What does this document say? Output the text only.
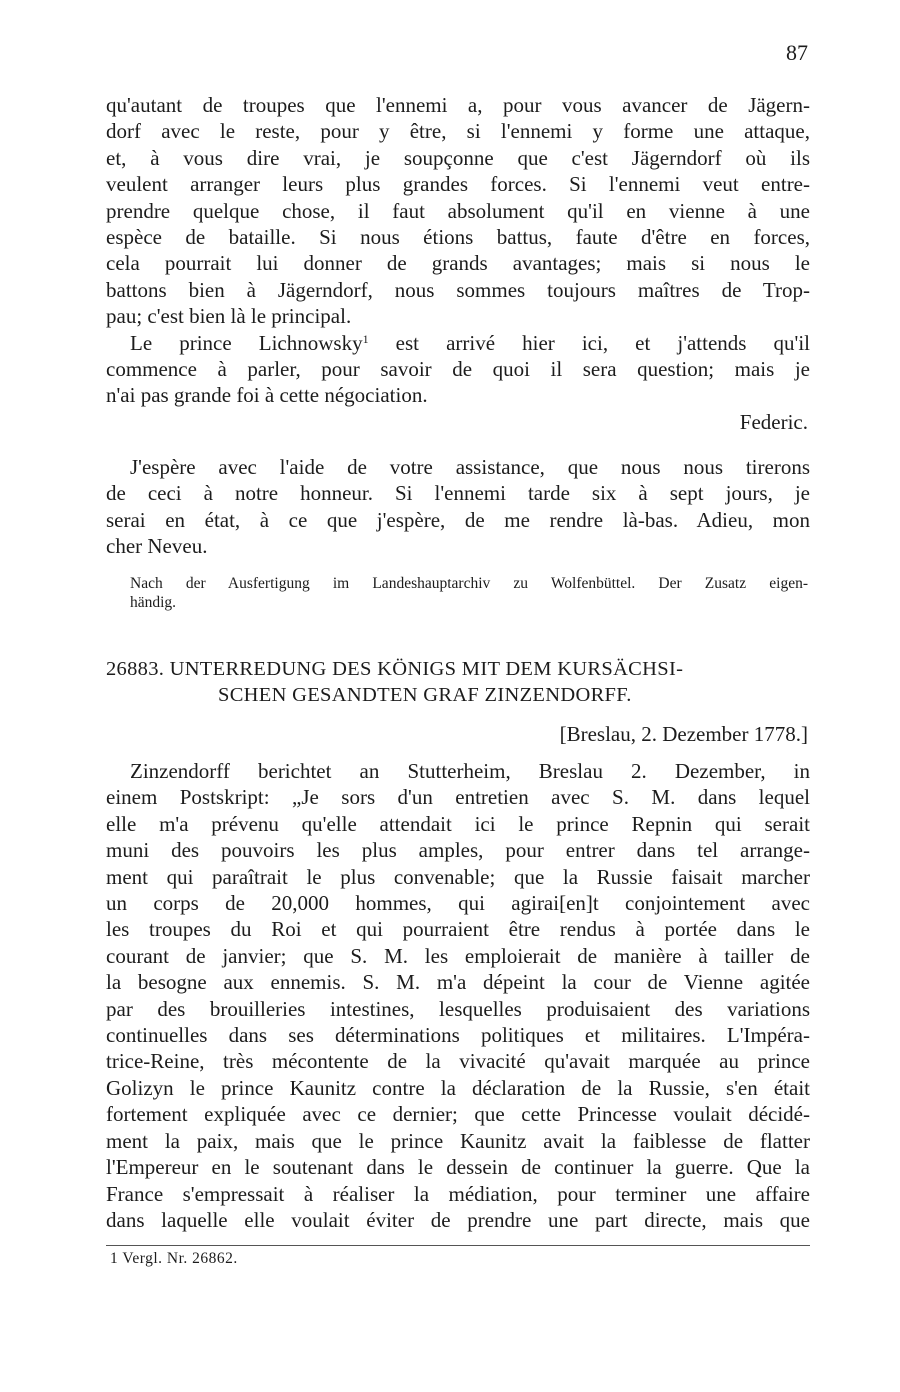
87
qu'autant de troupes que l'ennemi a, pour vous avancer de Jägern-
dorf avec le reste, pour y être, si l'ennemi y forme une attaque,
et, à vous dire vrai, je soupçonne que c'est Jägerndorf où ils
veulent arranger leurs plus grandes forces. Si l'ennemi veut entre-
prendre quelque chose, il faut absolument qu'il en vienne à une
espèce de bataille. Si nous étions battus, faute d'être en forces,
cela pourrait lui donner de grands avantages; mais si nous le
battons bien à Jägerndorf, nous sommes toujours maîtres de Trop-
pau; c'est bien là le principal.
Le prince Lichnowsky$^1$ est arrivé hier ici, et j'attends qu'il
commence à parler, pour savoir de quoi il sera question; mais je
n'ai pas grande foi à cette négociation.
Federic.
J'espère avec l'aide de votre assistance, que nous nous tirerons
de ceci à notre honneur. Si l'ennemi tarde six à sept jours, je
serai en état, à ce que j'espère, de me rendre là-bas. Adieu, mon
cher Neveu.
Nach der Ausfertigung im Landeshauptarchiv zu Wolfenbüttel. Der Zusatz eigen-
händig.
26883. UNTERREDUNG DES KÖNIGS MIT DEM KURSÄCHSI-
SCHEN GESANDTEN GRAF ZINZENDORFF.
[Breslau, 2. Dezember 1778.]
Zinzendorff berichtet an Stutterheim, Breslau 2. Dezember, in
einem Postskript: „Je sors d'un entretien avec S. M. dans lequel
elle m'a prévenu qu'elle attendait ici le prince Repnin qui serait
muni des pouvoirs les plus amples, pour entrer dans tel arrange-
ment qui paraîtrait le plus convenable; que la Russie faisait marcher
un corps de 20,000 hommes, qui agirai[en]t conjointement avec
les troupes du Roi et qui pourraient être rendus à portée dans le
courant de janvier; que S. M. les emploierait de manière à tailler de
la besogne aux ennemis. S. M. m'a dépeint la cour de Vienne agitée
par des brouilleries intestines, lesquelles produisaient des variations
continuelles dans ses déterminations politiques et militaires. L'Impéra-
trice-Reine, très mécontente de la vivacité qu'avait marquée au prince
Golizyn le prince Kaunitz contre la déclaration de la Russie, s'en était
fortement expliquée avec ce dernier; que cette Princesse voulait décidé-
ment la paix, mais que le prince Kaunitz avait la faiblesse de flatter
l'Empereur en le soutenant dans le dessein de continuer la guerre. Que la
France s'empressait à réaliser la médiation, pour terminer une affaire
dans laquelle elle voulait éviter de prendre une part directe, mais que
1 Vergl. Nr. 26862.
